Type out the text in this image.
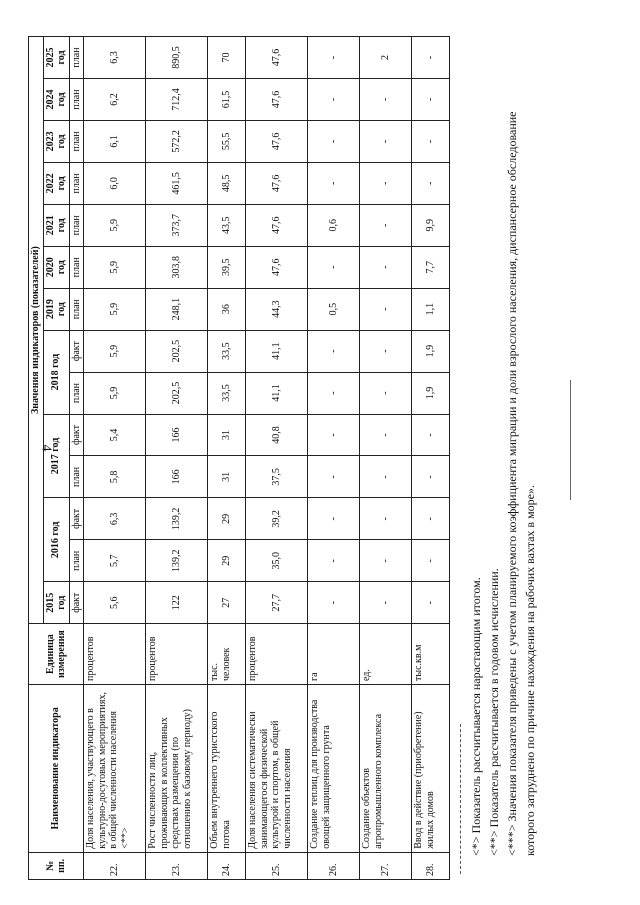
4
№ пп.	Наименование индикатора	Единица измерения	Значения индикаторов (показателей)													
			2015 год	2016 год		2017 год		2018 год		2019 год	2020 год	2021 год	2022 год	2023 год	2024 год	2025 год
			факт	план	факт	план	факт	план	факт	план	план	план	план	план	план	план
22.	Доля населения, участвующего в культурно-досуговых мероприятиях, в общей численности населения <**>	процентов	5,6	5,7	6,3	5,8	5,4	5,9	5,9	5,9	5,9	5,9	6,0	6,1	6,2	6,3
23.	Рост численности лиц, проживающих в коллективных средствах размещения (по отношению к базовому периоду)	процентов	122	139,2	139,2	166	166	202,5	202,5	248,1	303,8	373,7	461,5	572,2	712,4	890,5
24.	Объем внутреннего туристского потока	тыс. человек	27	29	29	31	31	33,5	33,5	36	39,5	43,5	48,5	55,5	61,5	70
25.	Доля населения систематически занимающегося физической культурой и спортом, в общей численности населения	процентов	27,7	35,0	39,2	37,5	40,8	41,1	41,1	44,3	47,6	47,6	47,6	47,6	47,6	47,6
26.	Создание теплиц для производства овощей защищенного грунта	га	-	-	-	-	-	-	-	0,5	-	0,6	-	-	-	-
27.	Создание объектов агропромышленного комплекса	ед.	-	-	-	-	-	-	-	-	-	-	-	-	-	2
28.	Ввод в действие (приобретение) жилых домов	тыс.кв.м	-	-	-	-	-	1,9	1,9	1,1	7,7	9,9	-	-	-	-

<*> Показатель рассчитывается нарастающим итогом. <**> Показатель рассчитывается в годовом исчислении. <***> Значения показателя приведены с учетом планируемого коэффициента миграции и доли взрослого населения, диспансерное обследование которого затруднено по причине нахождения на рабочих вахтах в море».
